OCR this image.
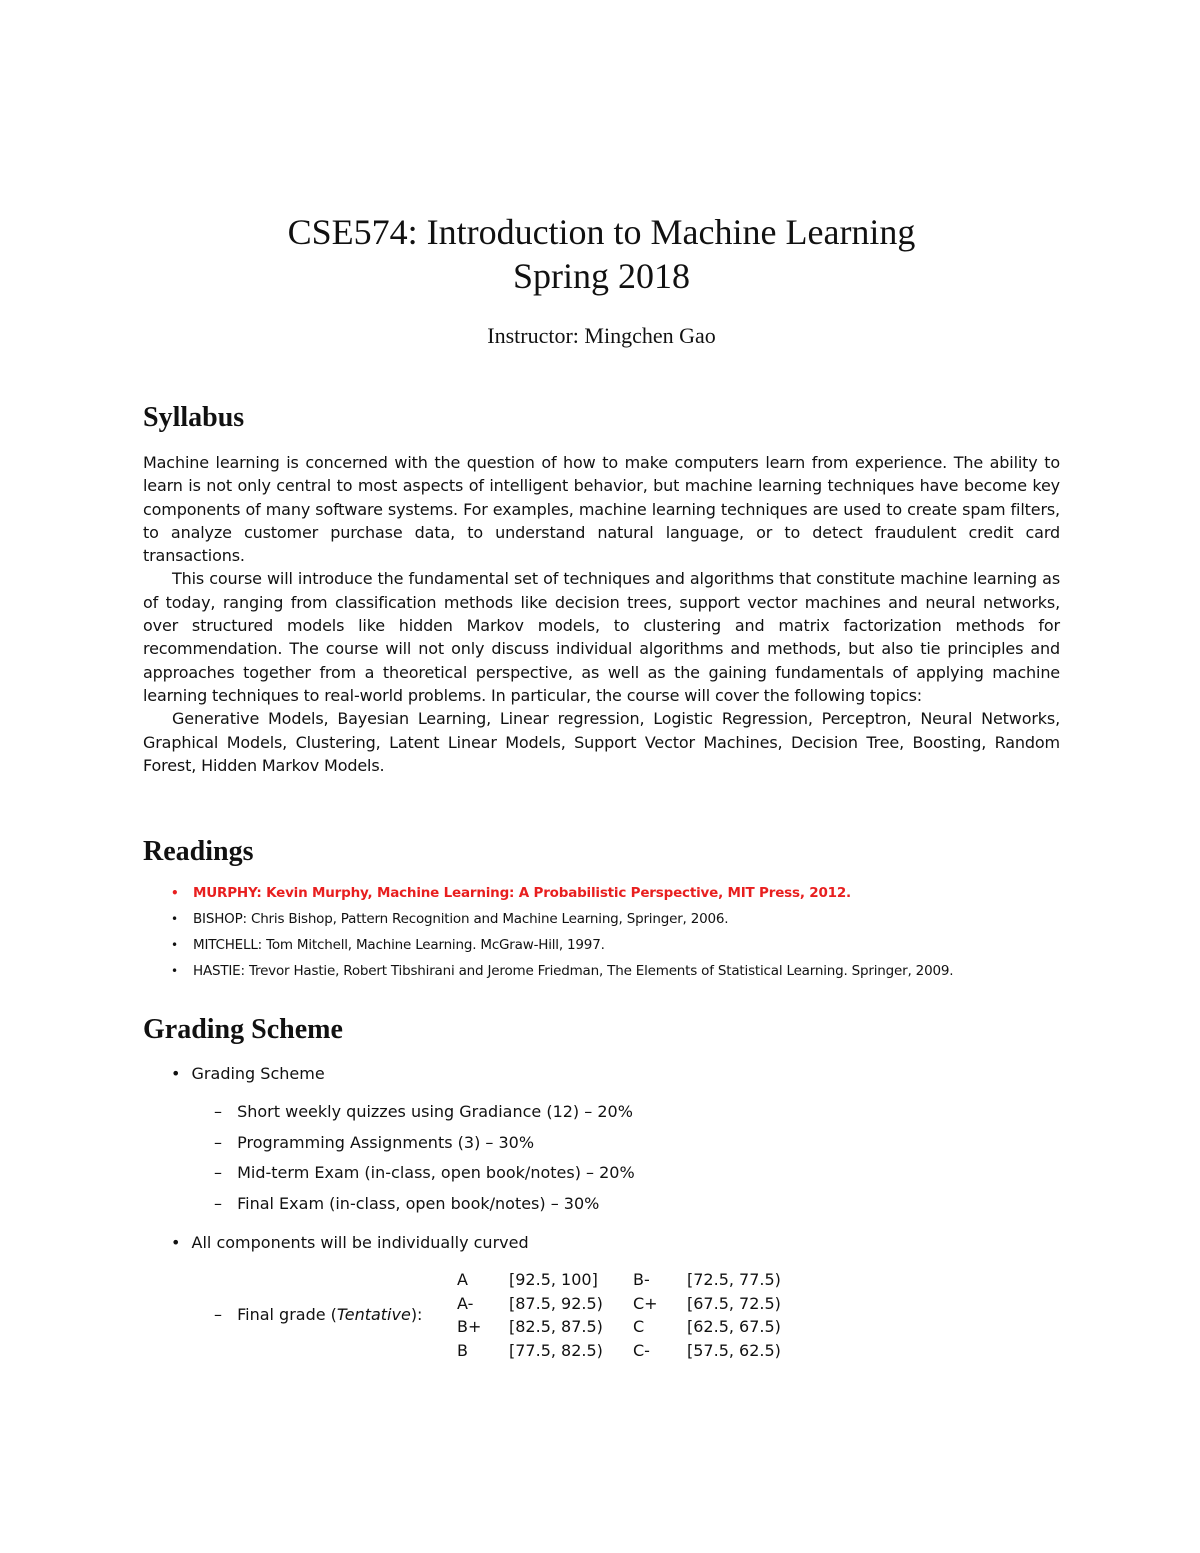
CSE574: Introduction to Machine Learning
Spring 2018
Instructor: Mingchen Gao
Syllabus

Machine learning is concerned with the question of how to make computers learn from experience. The ability to learn is not only central to most aspects of intelligent behavior, but machine learning techniques have become key components of many software systems. For examples, machine learning techniques are used to create spam filters, to analyze customer purchase data, to understand natural language, or to detect fraudulent credit card transactions.

This course will introduce the fundamental set of techniques and algorithms that constitute machine learning as of today, ranging from classification methods like decision trees, support vector machines and neural networks, over structured models like hidden Markov models, to clustering and matrix factorization methods for recommendation. The course will not only discuss individual algorithms and methods, but also tie principles and approaches together from a theoretical perspective, as well as the gaining fundamentals of applying machine learning techniques to real-world problems. In particular, the course will cover the following topics:

Generative Models, Bayesian Learning, Linear regression, Logistic Regression, Perceptron, Neural Networks, Graphical Models, Clustering, Latent Linear Models, Support Vector Machines, Decision Tree, Boosting, Random Forest, Hidden Markov Models.

Readings
• MURPHY: Kevin Murphy, Machine Learning: A Probabilistic Perspective, MIT Press, 2012.
• BISHOP: Chris Bishop, Pattern Recognition and Machine Learning, Springer, 2006.
• MITCHELL: Tom Mitchell, Machine Learning. McGraw-Hill, 1997.
• HASTIE: Trevor Hastie, Robert Tibshirani and Jerome Friedman, The Elements of Statistical Learning. Springer, 2009.
Grading Scheme
• Grading Scheme
– Short weekly quizzes using Gradiance (12) – 20%
– Programming Assignments (3) – 30%
– Mid-term Exam (in-class, open book/notes) – 20%
– Final Exam (in-class, open book/notes) – 30%
• All components will be individually curved
– Final grade (Tentative):
A	[92.5, 100]	B-	[72.5, 77.5)
A-	[87.5, 92.5)	C+	[67.5, 72.5)
B+	[82.5, 87.5)	C	[62.5, 67.5)
B	[77.5, 82.5)	C-	[57.5, 62.5)
